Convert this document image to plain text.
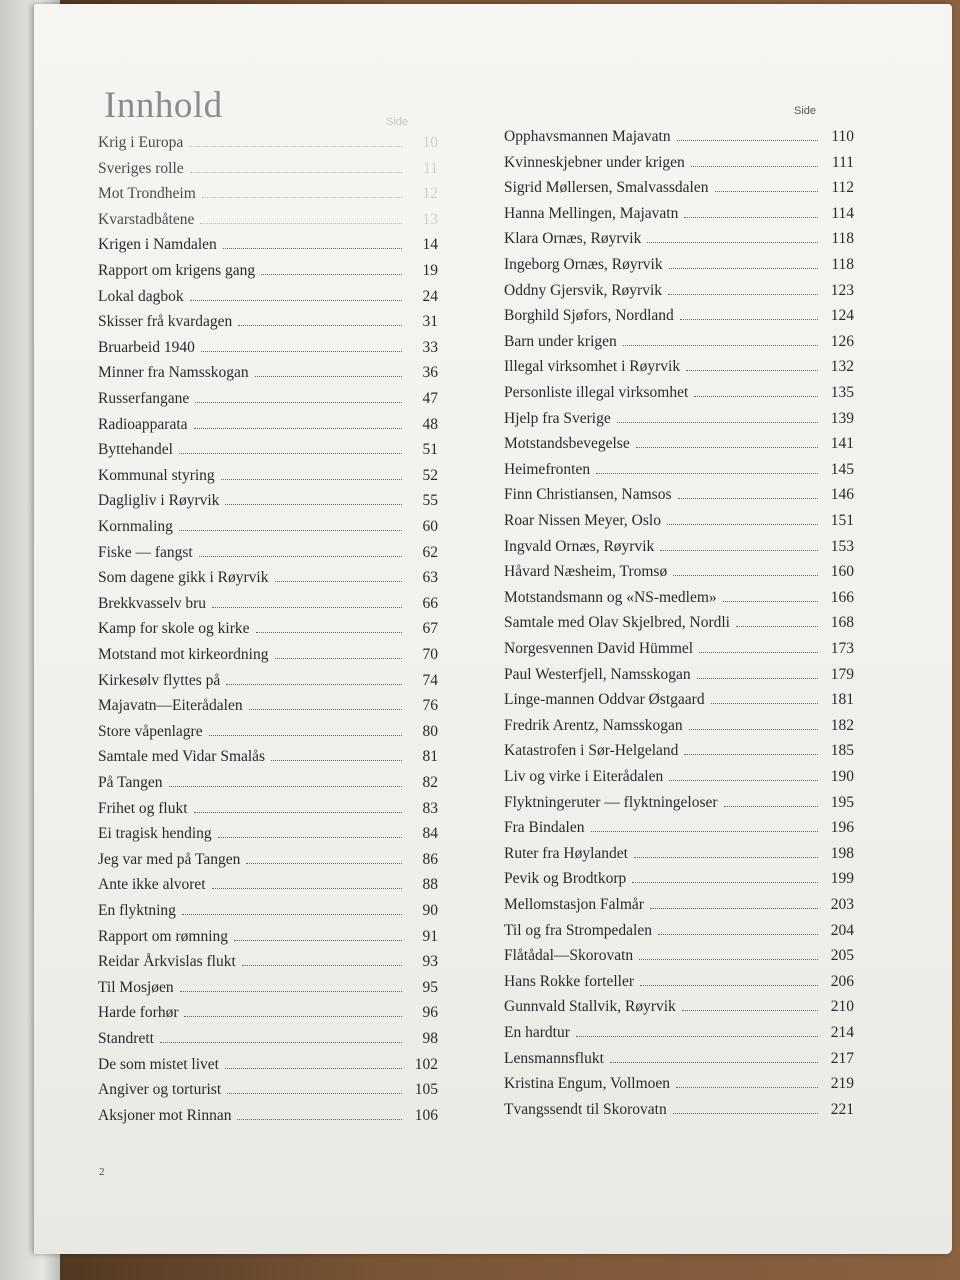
Innhold	Side
Side
Krig i Europa	10
Sveriges rolle	11
Mot Trondheim	12
Kvarstadbåtene	13
Krigen i Namdalen	14
Rapport om krigens gang	19
Lokal dagbok	24
Skisser frå kvardagen	31
Bruarbeid 1940	33
Minner fra Namsskogan	36
Russerfangane	47
Radioapparata	48
Byttehandel	51
Kommunal styring	52
Dagligliv i Røyrvik	55
Kornmaling	60
Fiske — fangst	62
Som dagene gikk i Røyrvik	63
Brekkvasselv bru	66
Kamp for skole og kirke	67
Motstand mot kirkeordning	70
Kirkesølv flyttes på	74
Majavatn—Eiterådalen	76
Store våpenlagre	80
Samtale med Vidar Smalås	81
På Tangen	82
Frihet og flukt	83
Ei tragisk hending	84
Jeg var med på Tangen	86
Ante ikke alvoret	88
En flyktning	90
Rapport om rømning	91
Reidar Årkvislas flukt	93
Til Mosjøen	95
Harde forhør	96
Standrett	98
De som mistet livet	102
Angiver og torturist	105
Aksjoner mot Rinnan	106
Opphavsmannen Majavatn	110
Kvinneskjebner under krigen	111
Sigrid Møllersen, Smalvassdalen	112
Hanna Mellingen, Majavatn	114
Klara Ornæs, Røyrvik	118
Ingeborg Ornæs, Røyrvik	118
Oddny Gjersvik, Røyrvik	123
Borghild Sjøfors, Nordland	124
Barn under krigen	126
Illegal virksomhet i Røyrvik	132
Personliste illegal virksomhet	135
Hjelp fra Sverige	139
Motstandsbevegelse	141
Heimefronten	145
Finn Christiansen, Namsos	146
Roar Nissen Meyer, Oslo	151
Ingvald Ornæs, Røyrvik	153
Håvard Næsheim, Tromsø	160
Motstandsmann og «NS-medlem»	166
Samtale med Olav Skjelbred, Nordli	168
Norgesvennen David Hümmel	173
Paul Westerfjell, Namsskogan	179
Linge-mannen Oddvar Østgaard	181
Fredrik Arentz, Namsskogan	182
Katastrofen i Sør-Helgeland	185
Liv og virke i Eiterådalen	190
Flyktningeruter — flyktningeloser	195
Fra Bindalen	196
Ruter fra Høylandet	198
Pevik og Brodtkorp	199
Mellomstasjon Falmår	203
Til og fra Strompedalen	204
Flåtådal—Skorovatn	205
Hans Rokke forteller	206
Gunnvald Stallvik, Røyrvik	210
En hardtur	214
Lensmannsflukt	217
Kristina Engum, Vollmoen	219
Tvangssendt til Skorovatn	221
2
